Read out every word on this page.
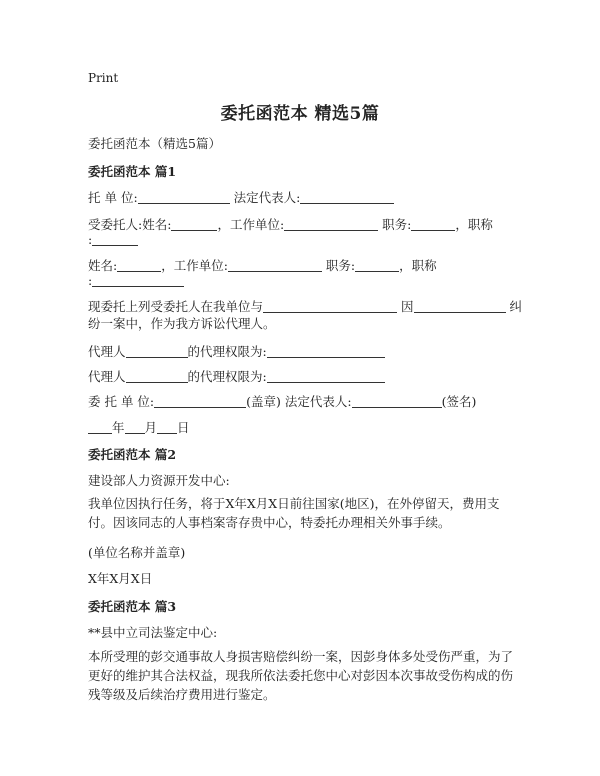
Print
委托函范本 精选5篇
委托函范本（精选5篇）
委托函范本 篇1
托 单 位:	法定代表人:
受委托人:姓名:	，工作单位:	职务:	，职称
:
姓名:	，工作单位:	职务:	，职称
:
现委托上列受委托人在我单位与	因	纠
纷一案中，作为我方诉讼代理人。
代理人	的代理权限为:
代理人	的代理权限为:
委 托 单 位:	(盖章) 法定代表人:	(签名)
年 月 日
委托函范本 篇2
建设部人力资源开发中心:
我单位因执行任务，将于X年X月X日前往国家(地区)，在外停留天，费用支付。因该同志的人事档案寄存贵中心，特委托办理相关外事手续。
(单位名称并盖章)
X年X月X日
委托函范本 篇3
**县中立司法鉴定中心:
本所受理的彭交通事故人身损害赔偿纠纷一案，因彭身体多处受伤严重，为了更好的维护其合法权益，现我所依法委托您中心对彭因本次事故受伤构成的伤残等级及后续治疗费用进行鉴定。
